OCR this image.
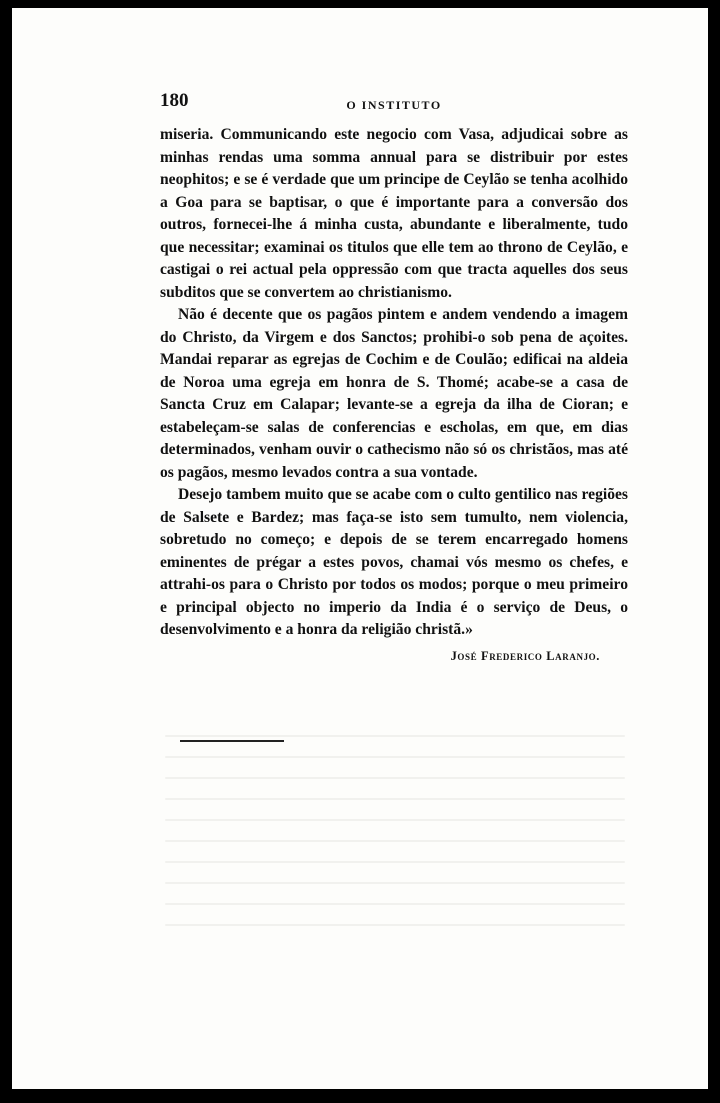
180	O INSTITUTO

miseria. Communicando este negocio com Vasa, adjudicai sobre as minhas rendas uma somma annual para se distribuir por estes neophitos; e se é verdade que um principe de Ceylão se tenha acolhido a Goa para se baptisar, o que é importante para a conversão dos outros, fornecei-lhe á minha custa, abundante e liberalmente, tudo que necessitar; examinai os titulos que elle tem ao throno de Ceylão, e castigai o rei actual pela oppressão com que tracta aquelles dos seus subditos que se convertem ao christianismo.

Não é decente que os pagãos pintem e andem vendendo a imagem do Christo, da Virgem e dos Sanctos; prohibi-o sob pena de açoites. Mandai reparar as egrejas de Cochim e de Coulão; edificai na aldeia de Noroa uma egreja em honra de S. Thomé; acabe-se a casa de Sancta Cruz em Calapar; levante-se a egreja da ilha de Cioran; e estabeleçam-se salas de conferencias e escholas, em que, em dias determinados, venham ouvir o cathecismo não só os christãos, mas até os pagãos, mesmo levados contra a sua vontade.

Desejo tambem muito que se acabe com o culto gentilico nas regiões de Salsete e Bardez; mas faça-se isto sem tumulto, nem violencia, sobretudo no começo; e depois de se terem encarregado homens eminentes de prégar a estes povos, chamai vós mesmo os chefes, e attrahi-os para o Christo por todos os modos; porque o meu primeiro e principal objecto no imperio da India é o serviço de Deus, o desenvolvimento e a honra da religião christã.»

José Frederico Laranjo.
